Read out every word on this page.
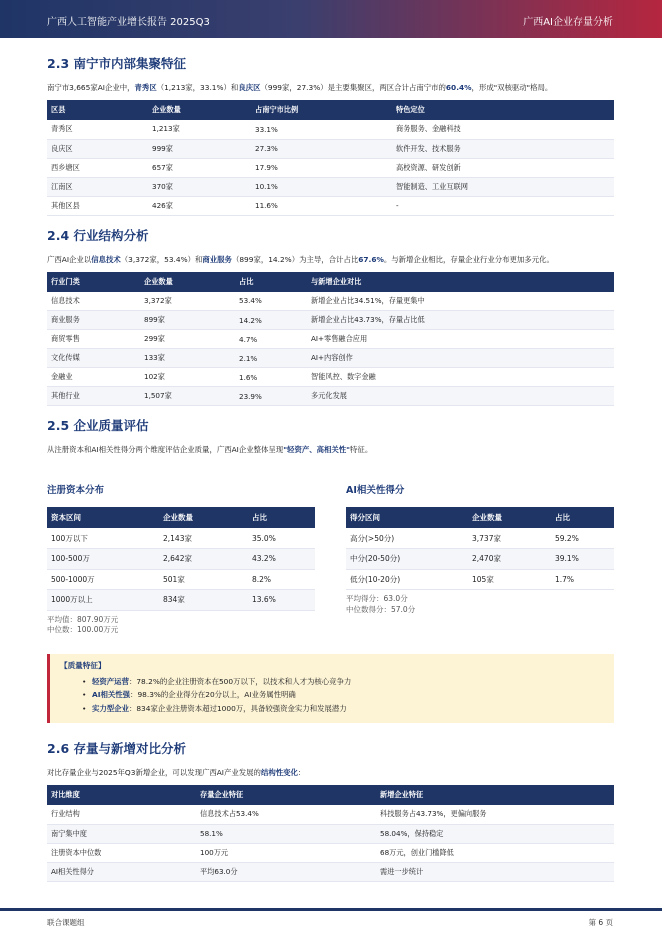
广西人工智能产业增长报告 2025Q3	广西AI企业存量分析
2.3 南宁市内部集聚特征

南宁市3,665家AI企业中，青秀区（1,213家，33.1%）和良庆区（999家，27.3%）是主要集聚区，两区合计占南宁市的60.4%，形成"双核驱动"格局。

区县	企业数量	占南宁市比例	特色定位
青秀区	1,213家	33.1%	商务服务、金融科技
良庆区	999家	27.3%	软件开发、技术服务
西乡塘区	657家	17.9%	高校资源、研发创新
江南区	370家	10.1%	智能制造、工业互联网
其他区县	426家	11.6%	-
2.4 行业结构分析

广西AI企业以信息技术（3,372家，53.4%）和商业服务（899家，14.2%）为主导，合计占比67.6%。与新增企业相比，存量企业行业分布更加多元化。

行业门类	企业数量	占比	与新增企业对比
信息技术	3,372家	53.4%	新增企业占比34.51%，存量更集中
商业服务	899家	14.2%	新增企业占比43.73%，存量占比低
商贸零售	299家	4.7%	AI+零售融合应用
文化传媒	133家	2.1%	AI+内容创作
金融业	102家	1.6%	智能风控、数字金融
其他行业	1,507家	23.9%	多元化发展
2.5 企业质量评估

从注册资本和AI相关性得分两个维度评估企业质量，广西AI企业整体呈现"轻资产、高相关性"特征。

注册资本分布
资本区间	企业数量	占比
100万以下	2,143家	35.0%
100-500万	2,642家	43.2%
500-1000万	501家	8.2%
1000万以上	834家	13.6%
平均值：807.90万元
中位数：100.00万元
AI相关性得分
得分区间	企业数量	占比
高分(>50分)	3,737家	59.2%
中分(20-50分)	2,470家	39.1%
低分(10-20分)	105家	1.7%
平均得分：63.0分
中位数得分：57.0分
【质量特征】
• 轻资产运营：78.2%的企业注册资本在500万以下，以技术和人才为核心竞争力
• AI相关性强：98.3%的企业得分在20分以上，AI业务属性明确
• 实力型企业：834家企业注册资本超过1000万，具备较强资金实力和发展潜力
2.6 存量与新增对比分析

对比存量企业与2025年Q3新增企业，可以发现广西AI产业发展的结构性变化：

对比维度	存量企业特征	新增企业特征
行业结构	信息技术占53.4%	科技服务占43.73%，更偏向服务
南宁集中度	58.1%	58.04%，保持稳定
注册资本中位数	100万元	68万元，创业门槛降低
AI相关性得分	平均63.0分	需进一步统计
联合课题组	第 6 页
